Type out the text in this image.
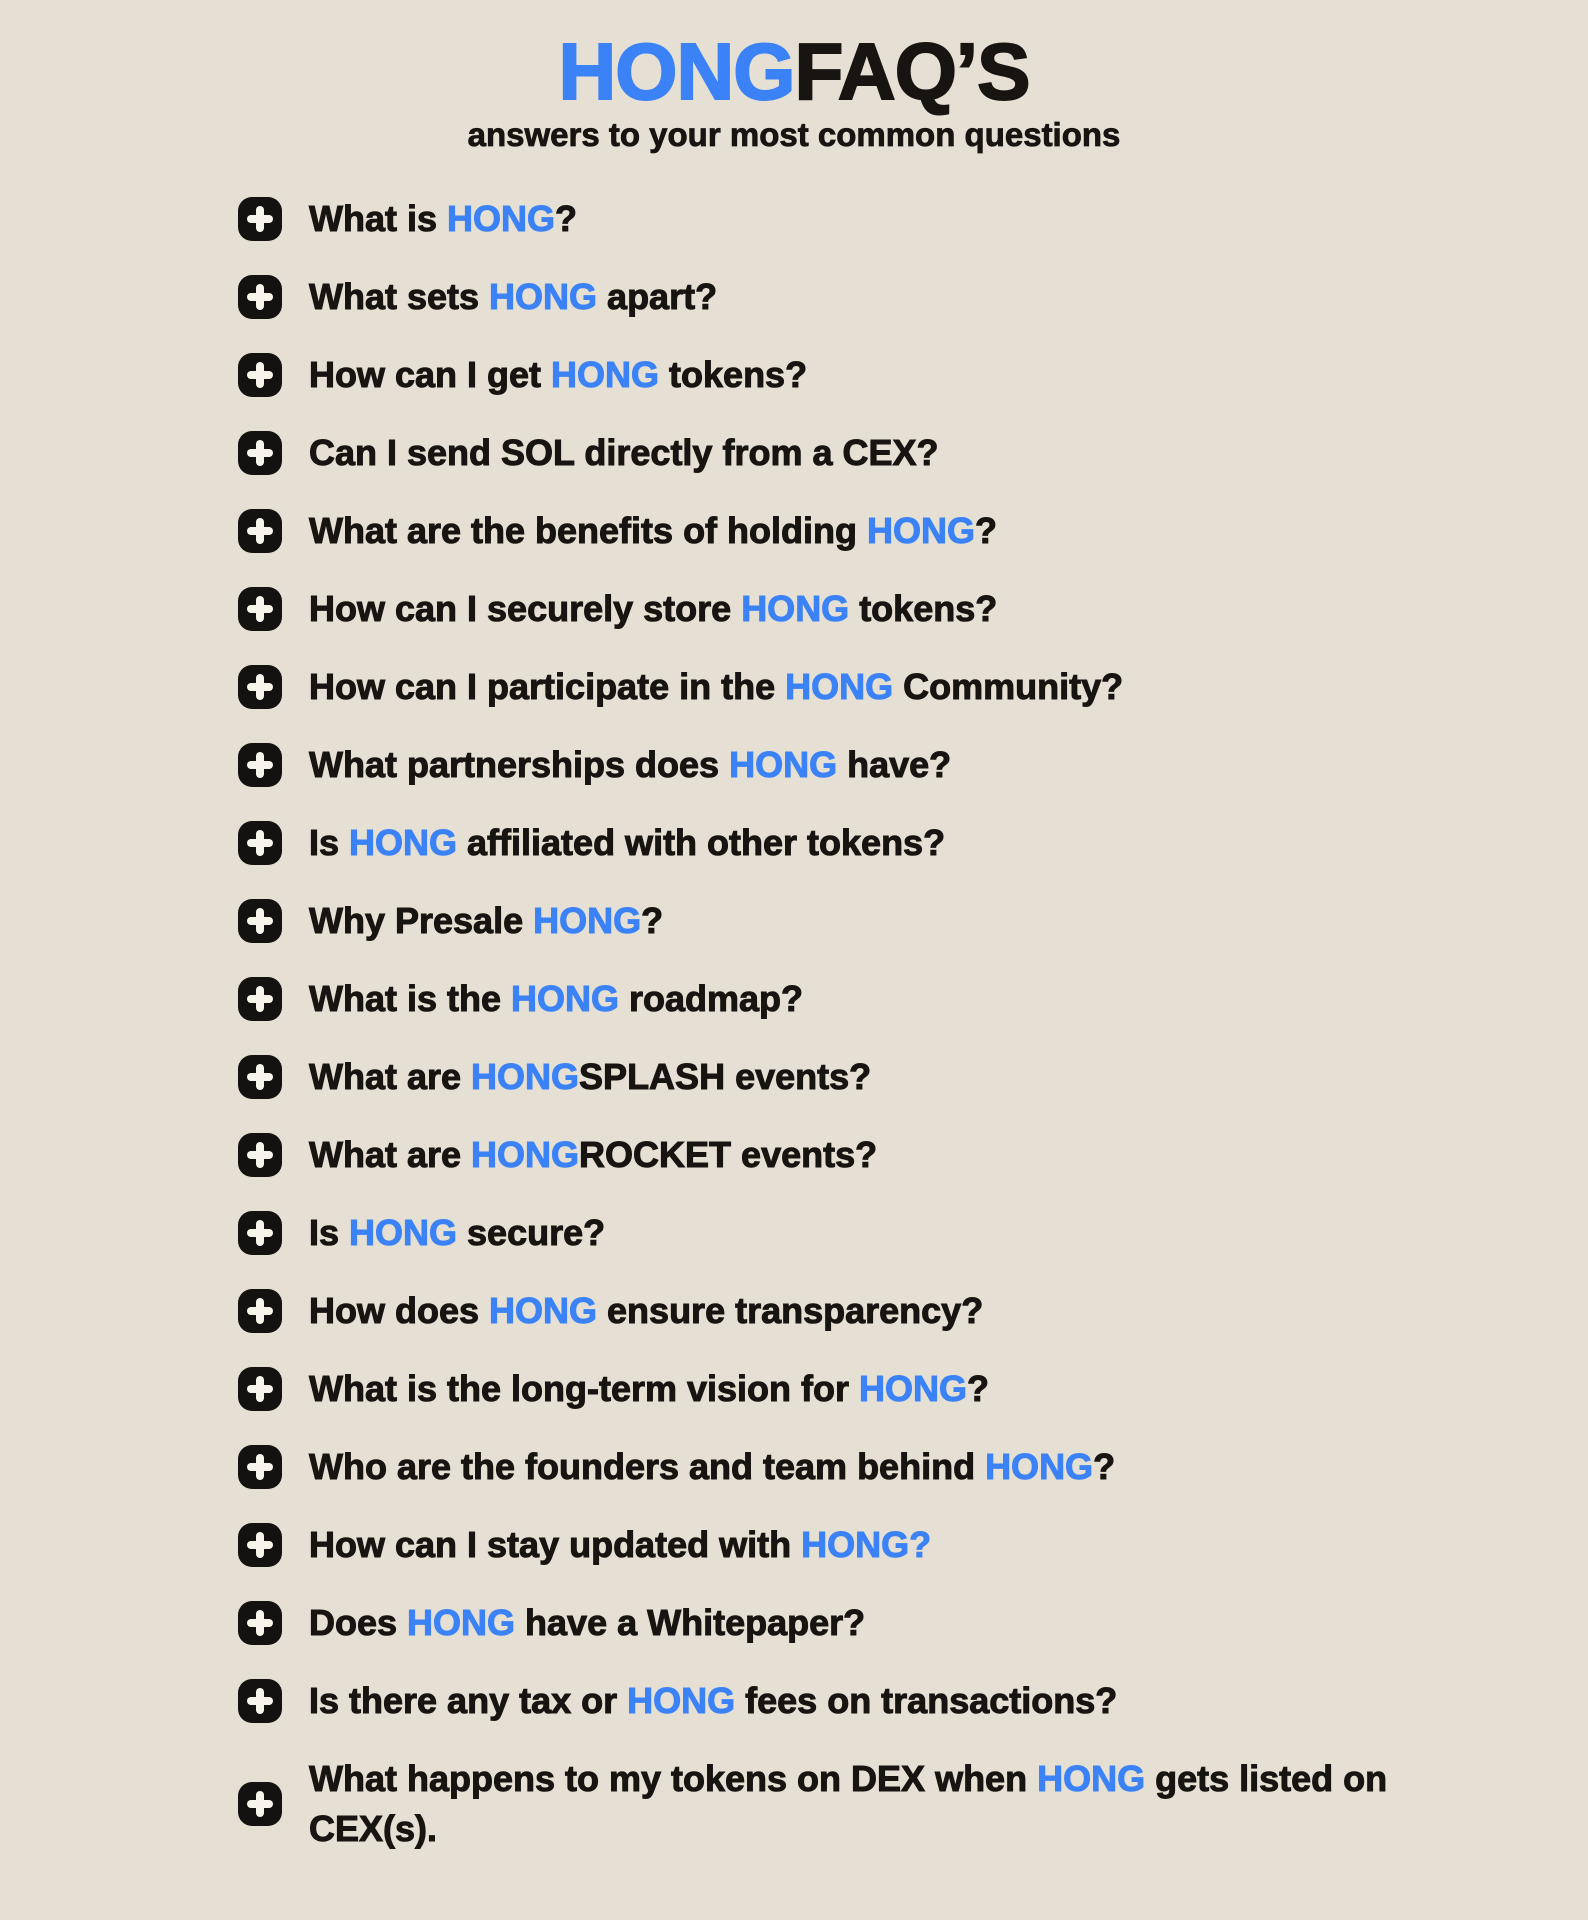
HONGFAQ’S
answers to your most common questions
What is HONG?
What sets HONG apart?
How can I get HONG tokens?
Can I send SOL directly from a CEX?
What are the benefits of holding HONG?
How can I securely store HONG tokens?
How can I participate in the HONG Community?
What partnerships does HONG have?
Is HONG affiliated with other tokens?
Why Presale HONG?
What is the HONG roadmap?
What are HONGSPLASH events?
What are HONGROCKET events?
Is HONG secure?
How does HONG ensure transparency?
What is the long-term vision for HONG?
Who are the founders and team behind HONG?
How can I stay updated with HONG?
Does HONG have a Whitepaper?
Is there any tax or HONG fees on transactions?
What happens to my tokens on DEX when HONG gets listed on
CEX(s).
